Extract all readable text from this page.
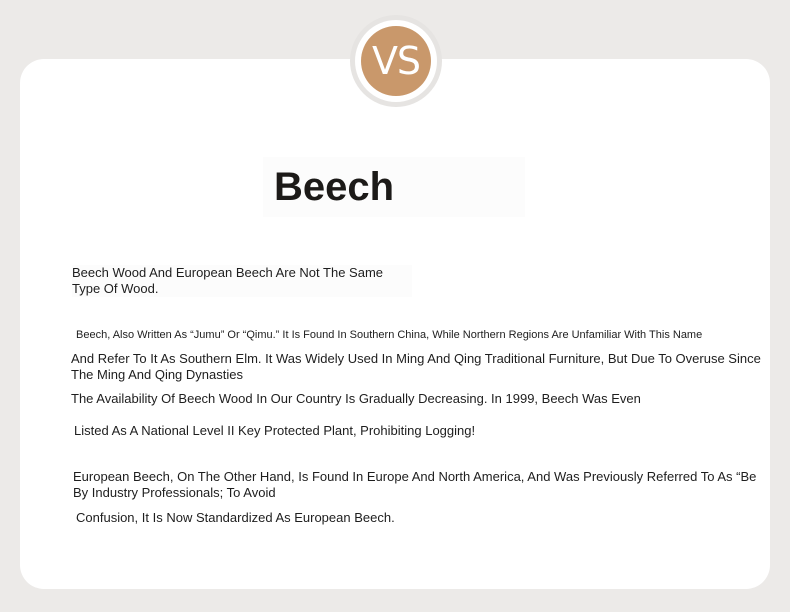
VS
Beech
Beech Wood And European Beech Are Not The Same Type Of Wood.
Beech, Also Written As “Jumu” Or “Qimu.” It Is Found In Southern China, While Northern Regions Are Unfamiliar With This Name
And Refer To It As Southern Elm. It Was Widely Used In Ming And Qing Traditional Furniture, But Due To Overuse Since
The Ming And Qing Dynasties
The Availability Of Beech Wood In Our Country Is Gradually Decreasing. In 1999, Beech Was Even
Listed As A National Level II Key Protected Plant, Prohibiting Logging!
European Beech, On The Other Hand, Is Found In Europe And North America, And Was Previously Referred To As “Be
By Industry Professionals; To Avoid
Confusion, It Is Now Standardized As European Beech.
